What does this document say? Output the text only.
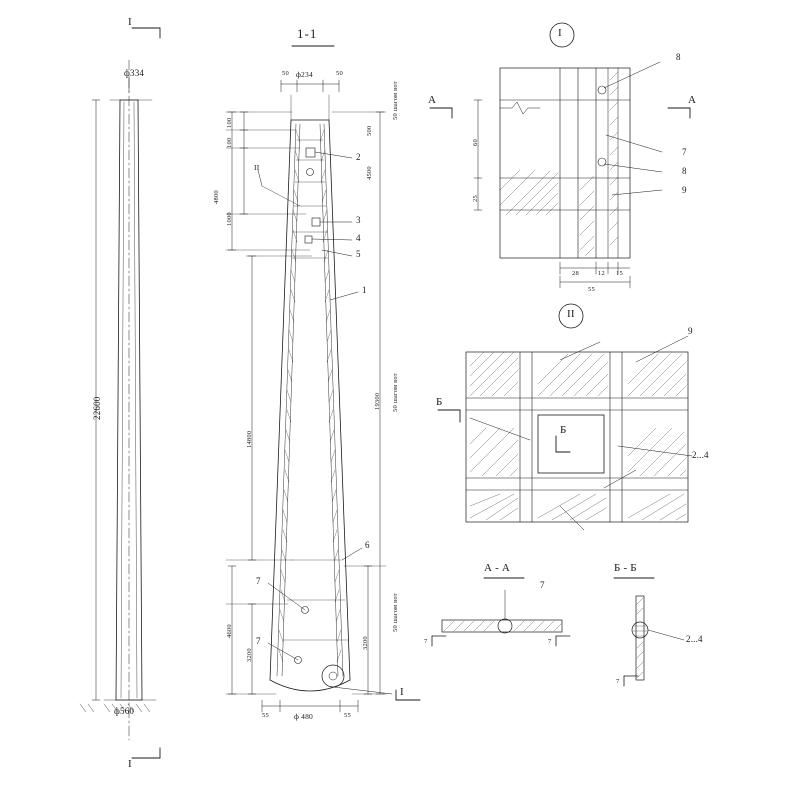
ф334
ф560
22600
I
I
1-1
50 ф234	50
55	ф 480	55
100
100
4800
1000
14800
4600
3200
500
4500
19300
3200
50 шагом вот
50 шагом вот
50 шагом вот
2
3
4
5
1
6
7
7
II
I
I
8
7
8
9
60
25
28	12 15
55
А	А
II
9
2...4
Б
Б
А - А
7
7	7
Б - Б
2...4
7
